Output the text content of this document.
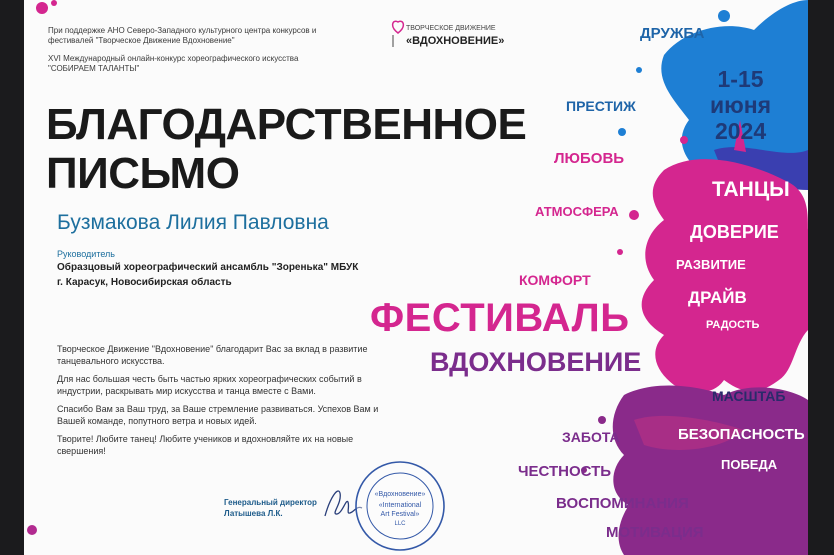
При поддержке АНО Северо-Западного культурного центра конкурсов и фестивалей "Творческое Движение Вдохновение"
XVI Международный онлайн-конкурс хореографического искусства "СОБИРАЕМ ТАЛАНТЫ"
ТВОРЧЕСКОЕ ДВИЖЕНИЕ
«ВДОХНОВЕНИЕ»
БЛАГОДАРСТВЕННОЕ
ПИСЬМО
Бузмакова Лилия Павловна
Руководитель
Образцовый хореографический ансамбль "Зоренька" МБУК
г. Карасук, Новосибирская область

Творческое Движение "Вдохновение" благодарит Вас за вклад в развитие танцевального искусства.

Для нас большая честь быть частью ярких хореографических событий в индустрии, раскрывать мир искусства и танца вместе с Вами.

Спасибо Вам за Ваш труд, за Ваше стремление развиваться. Успехов Вам и Вашей команде, попутного ветра и новых идей.

Творите! Любите танец! Любите учеников и вдохновляйте их на новые свершения!

Генеральный директор
Латышева Л.К.
«Вдохновение»
«International
Art Festival»
LLC
1-15
июня
2024
ФЕСТИВАЛЬ
ВДОХНОВЕНИЕ
ДРУЖБА
ПРЕСТИЖ
ЛЮБОВЬ
ТАНЦЫ
АТМОСФЕРА
ДОВЕРИЕ
РАЗВИТИЕ
КОМФОРТ
ДРАЙВ
РАДОСТЬ
МАСШТАБ
ЗАБОТА	БЕЗОПАСНОСТЬ
ПОБЕДА
ЧЕСТНОСТЬ
ВОСПОМИНАНИЯ
МОТИВАЦИЯ
